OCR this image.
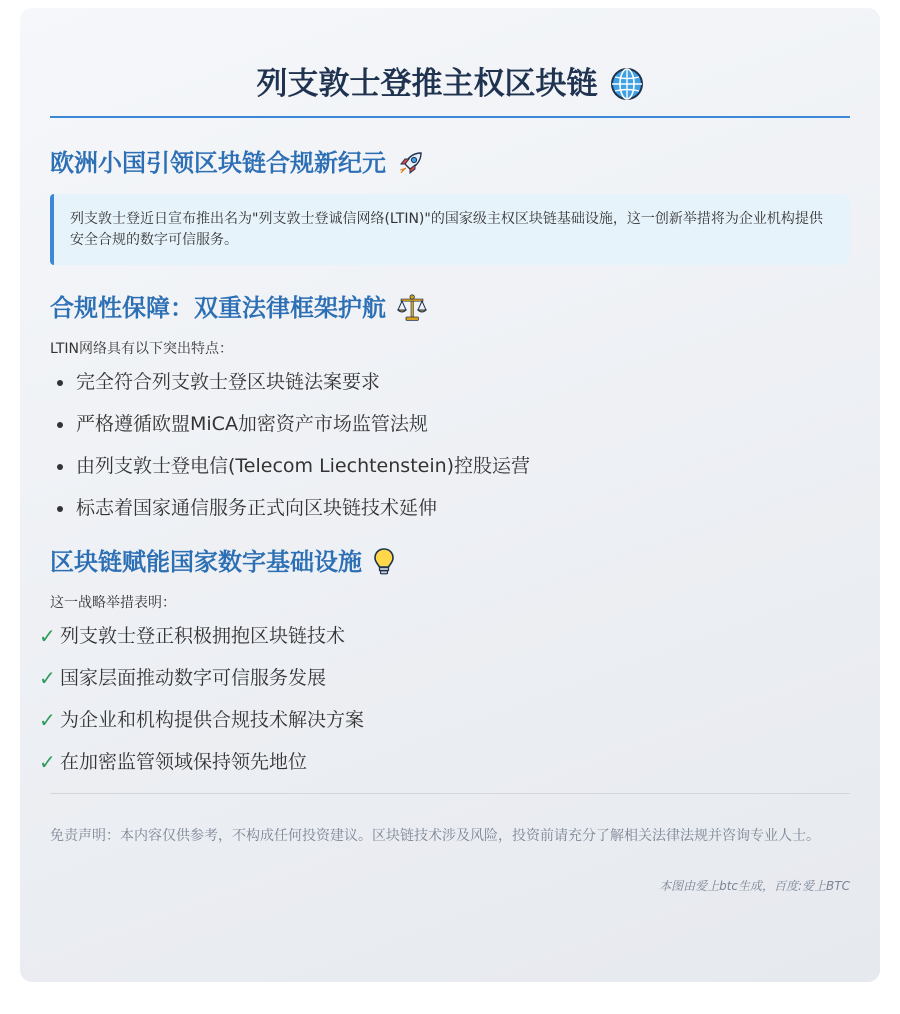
列支敦士登推主权区块链
欧洲小国引领区块链合规新纪元
列支敦士登近日宣布推出名为"列支敦士登诚信网络(LTIN)"的国家级主权区块链基础设施，这一创新举措将为企业机构提供安全合规的数字可信服务。
合规性保障：双重法律框架护航
LTIN网络具有以下突出特点：
完全符合列支敦士登区块链法案要求
严格遵循欧盟MiCA加密资产市场监管法规
由列支敦士登电信(Telecom Liechtenstein)控股运营
标志着国家通信服务正式向区块链技术延伸
区块链赋能国家数字基础设施
这一战略举措表明：
✓ 列支敦士登正积极拥抱区块链技术
✓ 国家层面推动数字可信服务发展
✓ 为企业和机构提供合规技术解决方案
✓ 在加密监管领域保持领先地位
免责声明：本内容仅供参考，不构成任何投资建议。区块链技术涉及风险，投资前请充分了解相关法律法规并咨询专业人士。
本图由爱上btc生成，百度:爱上BTC
